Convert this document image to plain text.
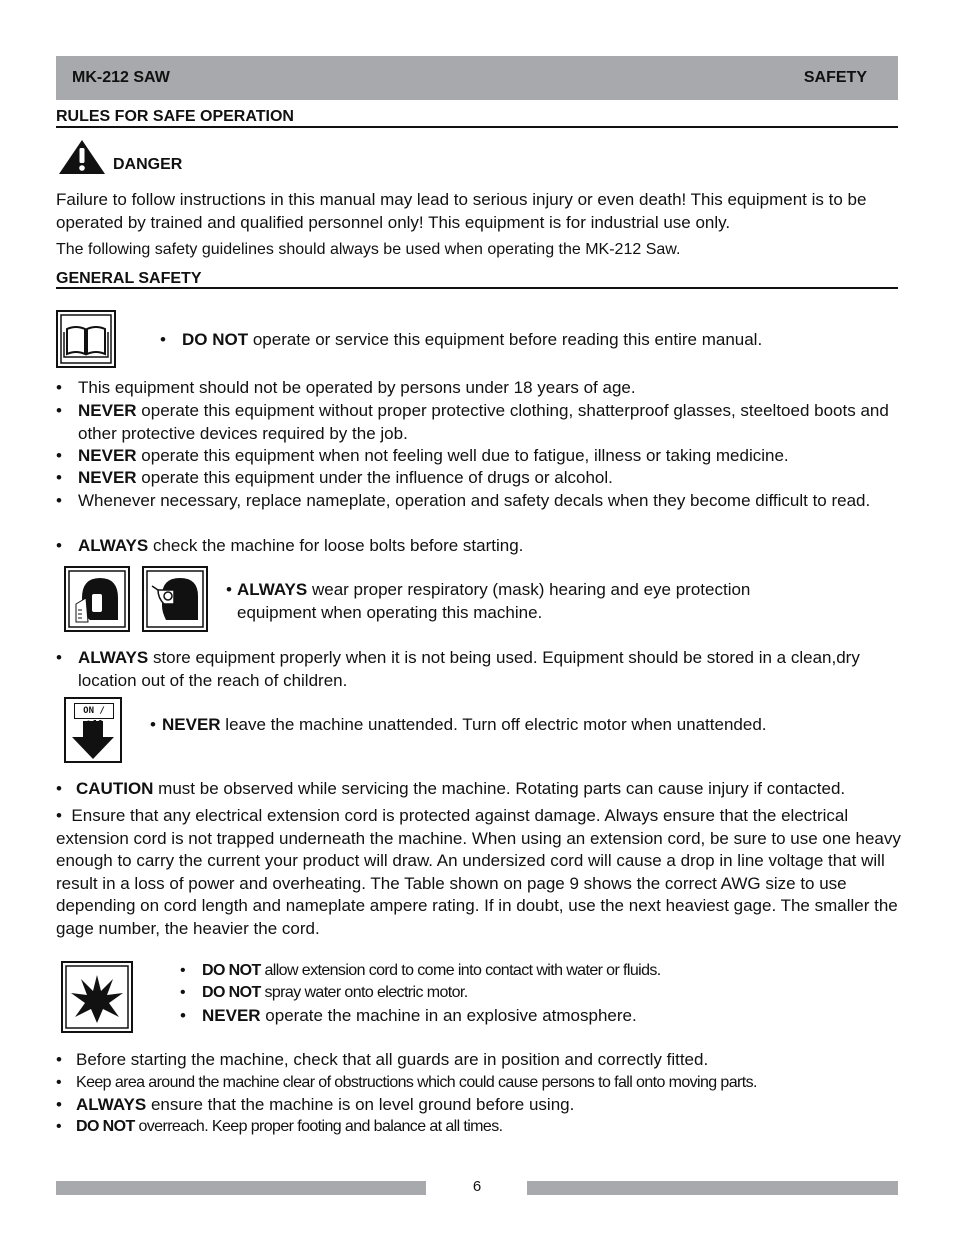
MK-212 SAW	SAFETY
RULES FOR SAFE OPERATION
DANGER
Failure to follow instructions in this manual may lead to serious injury or even death! This equipment is to be operated by trained and qualified personnel only! This equipment is for industrial use only.
The following safety guidelines should always be used when operating the MK-212 Saw.
GENERAL SAFETY
• DO NOT operate or service this equipment before reading this entire manual.
• This equipment should not be operated by persons under 18 years of age.
• NEVER operate this equipment without proper protective clothing, shatterproof glasses, steeltoed boots and other protective devices required by the job.
• NEVER operate this equipment when not feeling well due to fatigue, illness or taking medicine.
• NEVER operate this equipment under the influence of drugs or alcohol.
• Whenever necessary, replace nameplate, operation and safety decals when they become difficult to read.
• ALWAYS check the machine for loose bolts before starting.
• ALWAYS wear proper respiratory (mask) hearing and eye protection equipment when operating this machine.
• ALWAYS store equipment properly when it is not being used. Equipment should be stored in a clean,dry location out of the reach of children.
ON /
• NEVER leave the machine unattended. Turn off electric motor when unattended.
• CAUTION must be observed while servicing the machine. Rotating parts can cause injury if contacted.
•  Ensure that any electrical extension cord is protected against damage. Always ensure that the electrical extension cord is not trapped underneath the machine. When using an extension cord, be sure to use one heavy enough to carry the current your product will draw. An undersized cord will cause a drop in line voltage that will result in a loss of power and overheating. The Table shown on page 9 shows the correct AWG size to use depending on cord length and nameplate ampere rating. If in doubt, use the next heaviest gage. The smaller the gage number, the heavier the cord.
•	DO NOT allow extension cord to come into contact with water or fluids.
•	DO NOT spray water onto electric motor.
• NEVER operate the machine in an explosive atmosphere.
• Before starting the machine, check that all guards are in position and correctly fitted.
• Keep area around the machine clear of obstructions which could cause persons to fall onto moving parts.
• ALWAYS ensure that the machine is on level ground before using.
• DO NOT overreach. Keep proper footing and balance at all times.
6
